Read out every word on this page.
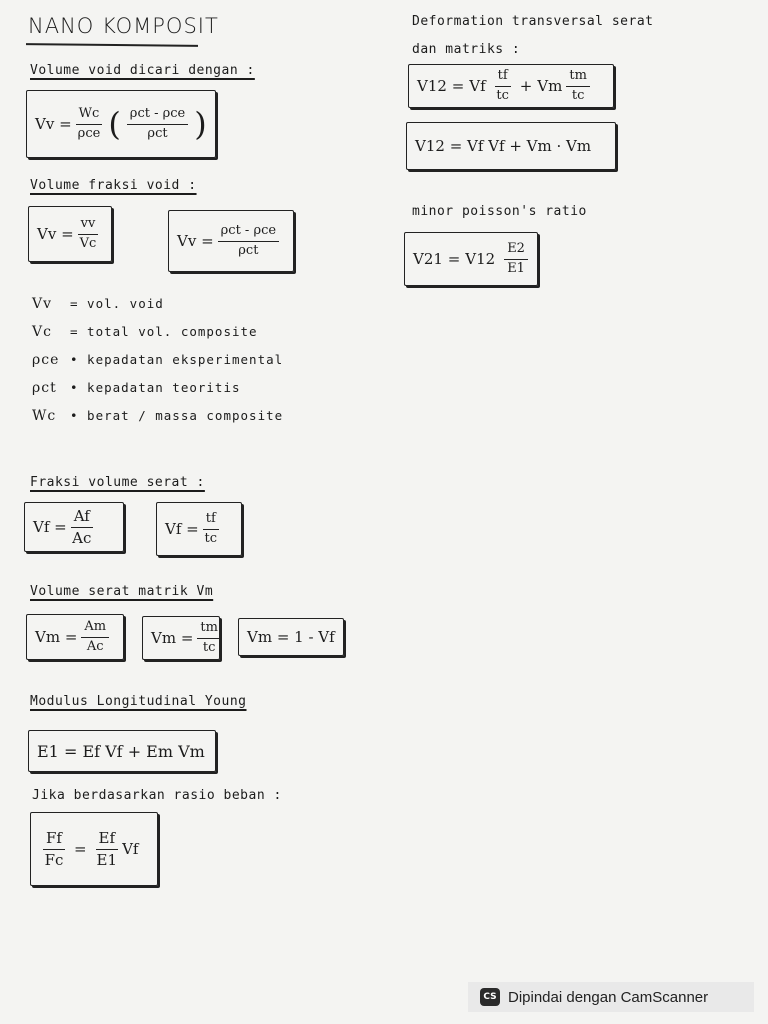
NANO KOMPOSIT
Volume void dicari dengan :
$Vv = \frac{Wc}{\text{ρce}}$ ( $\frac{\text{ρct - ρce}}{\text{ρct}}$ )
Volume fraksi void :
$Vv = \frac{vv}{Vc}$	$Vv = \frac{\text{ρct - ρce}}{\text{ρct}}$
Vv = vol. void
Vc = total vol. composite
ρce • kepadatan eksperimental
ρct • kepadatan teoritis
Wc • berat / massa composite
Fraksi volume serat :
$Vf = \frac{Af}{Ac}$	$Vf = \frac{tf}{tc}$
Volume serat matrik Vm
$Vm = \frac{Am}{Ac}$	$Vm = \frac{tm}{tc}$	Vm = 1 - Vf
Modulus Longitudinal Young
E1 = Ef Vf + Em Vm
Jika berdasarkan rasio beban :
$\frac{Ff}{Fc} = \frac{Ef}{E1}$ Vf
Deformation transversal serat
dan matriks :
V12 = Vf $\frac{tf}{tc} + Vm \frac{tm}{tc}$
V12 = Vf Vf + Vm · Vm
minor poisson's ratio
$V21 = V12 \frac{E2}{E1}$
CS Dipindai dengan CamScanner
